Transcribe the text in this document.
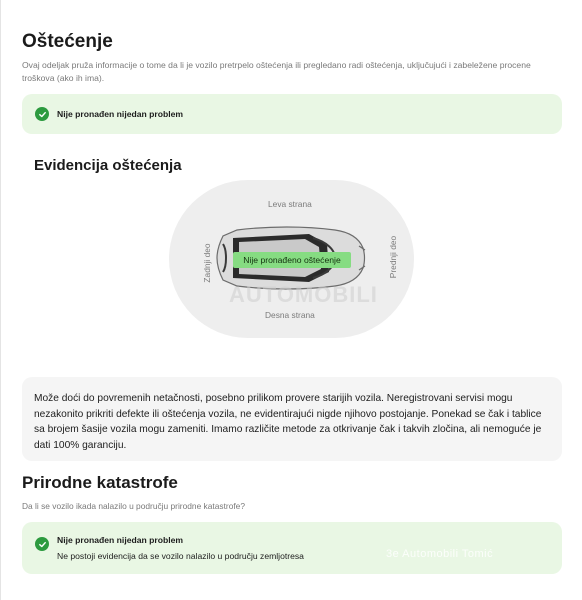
Oštećenje
Ovaj odeljak pruža informacije o tome da li je vozilo pretrpelo oštećenja ili pregledano radi oštećenja, uključujući i zabeležene procene troškova (ako ih ima).
Nije pronađen nijedan problem
Evidencija oštećenja
Leva strana
Desna strana
Zadnji deo	Prednji deo
Nije pronađeno oštećenje
AUTOMOBILI
Može doći do povremenih netačnosti, posebno prilikom provere starijih vozila. Neregistrovani servisi mogu nezakonito prikriti defekte ili oštećenja vozila, ne evidentirajući nigde njihovo postojanje. Ponekad se čak i tablice sa brojem šasije vozila mogu zameniti. Imamo različite metode za otkrivanje čak i takvih zločina, ali nemoguće je dati 100% garanciju.
Prirodne katastrofe
Da li se vozilo ikada nalazilo u području prirodne katastrofe?
Nije pronađen nijedan problem
Ne postoji evidencija da se vozilo nalazilo u području zemljotresa	3e Automobili Tomić
